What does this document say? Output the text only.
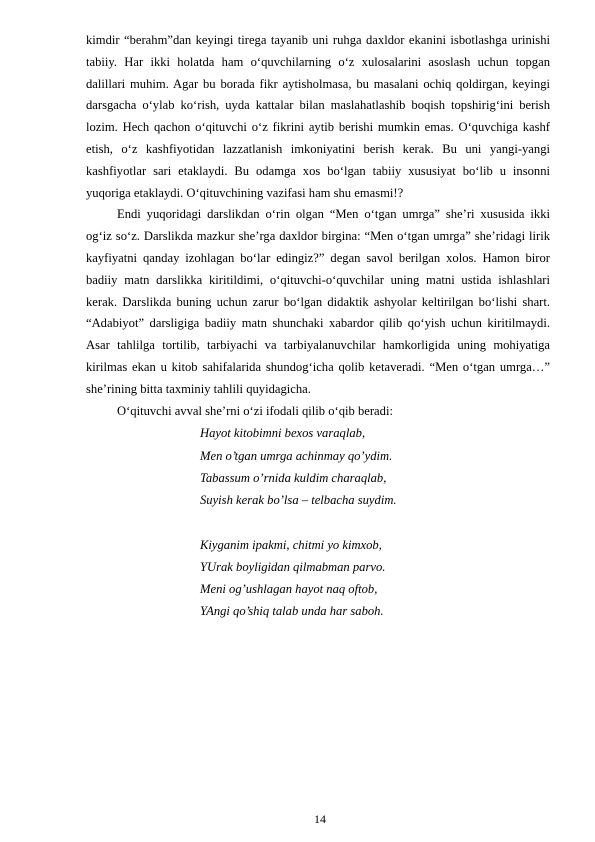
kimdir “berahm”dan keyingi tirega tayanib uni ruhga daxldor ekanini isbotlashga urinishi tabiiy. Har ikki holatda ham o‘quvchilarning o‘z xulosalarini asoslash uchun topgan dalillari muhim. Agar bu borada fikr aytisholmasa, bu masalani ochiq qoldirgan, keyingi darsgacha o‘ylab ko‘rish, uyda kattalar bilan maslahatlashib boqish topshirig‘ini berish lozim. Hech qachon o‘qituvchi o‘z fikrini aytib berishi mumkin emas. O‘quvchiga kashf etish, o‘z kashfiyotidan lazzatlanish imkoniyatini berish kerak. Bu uni yangi-yangi kashfiyotlar sari etaklaydi. Bu odamga xos bo‘lgan tabiiy xususiyat bo‘lib u insonni yuqoriga etaklaydi. O‘qituvchining vazifasi ham shu emasmi!?

Endi yuqoridagi darslikdan o‘rin olgan “Men o‘tgan umrga” she’ri xususida ikki og‘iz so‘z. Darslikda mazkur she’rga daxldor birgina: “Men o‘tgan umrga” she’ridagi lirik kayfiyatni qanday izohlagan bo‘lar edingiz?” degan savol berilgan xolos. Hamon biror badiiy matn darslikka kiritildimi, o‘qituvchi-o‘quvchilar uning matni ustida ishlashlari kerak. Darslikda buning uchun zarur bo‘lgan didaktik ashyolar keltirilgan bo‘lishi shart. “Adabiyot” darsligiga badiiy matn shunchaki xabardor qilib qo‘yish uchun kiritilmaydi. Asar tahlilga tortilib, tarbiyachi va tarbiyalanuvchilar hamkorligida uning mohiyatiga kirilmas ekan u kitob sahifalarida shundog‘icha qolib ketaveradi. “Men o‘tgan umrga…” she’rining bitta taxminiy tahlili quyidagicha.

O‘qituvchi avval she’rni o‘zi ifodali qilib o‘qib beradi:

Hayot kitobimni bexos varaqlab,
Men o’tgan umrga achinmay qo’ydim.
Tabassum o’rnida kuldim charaqlab,
Suyish kerak bo’lsa – telbacha suydim.
Kiyganim ipakmi, chitmi yo kimxob,
YUrak boyligidan qilmabman parvo.
Meni og’ushlagan hayot naq oftob,
YAngi qo’shiq talab unda har saboh.
14
